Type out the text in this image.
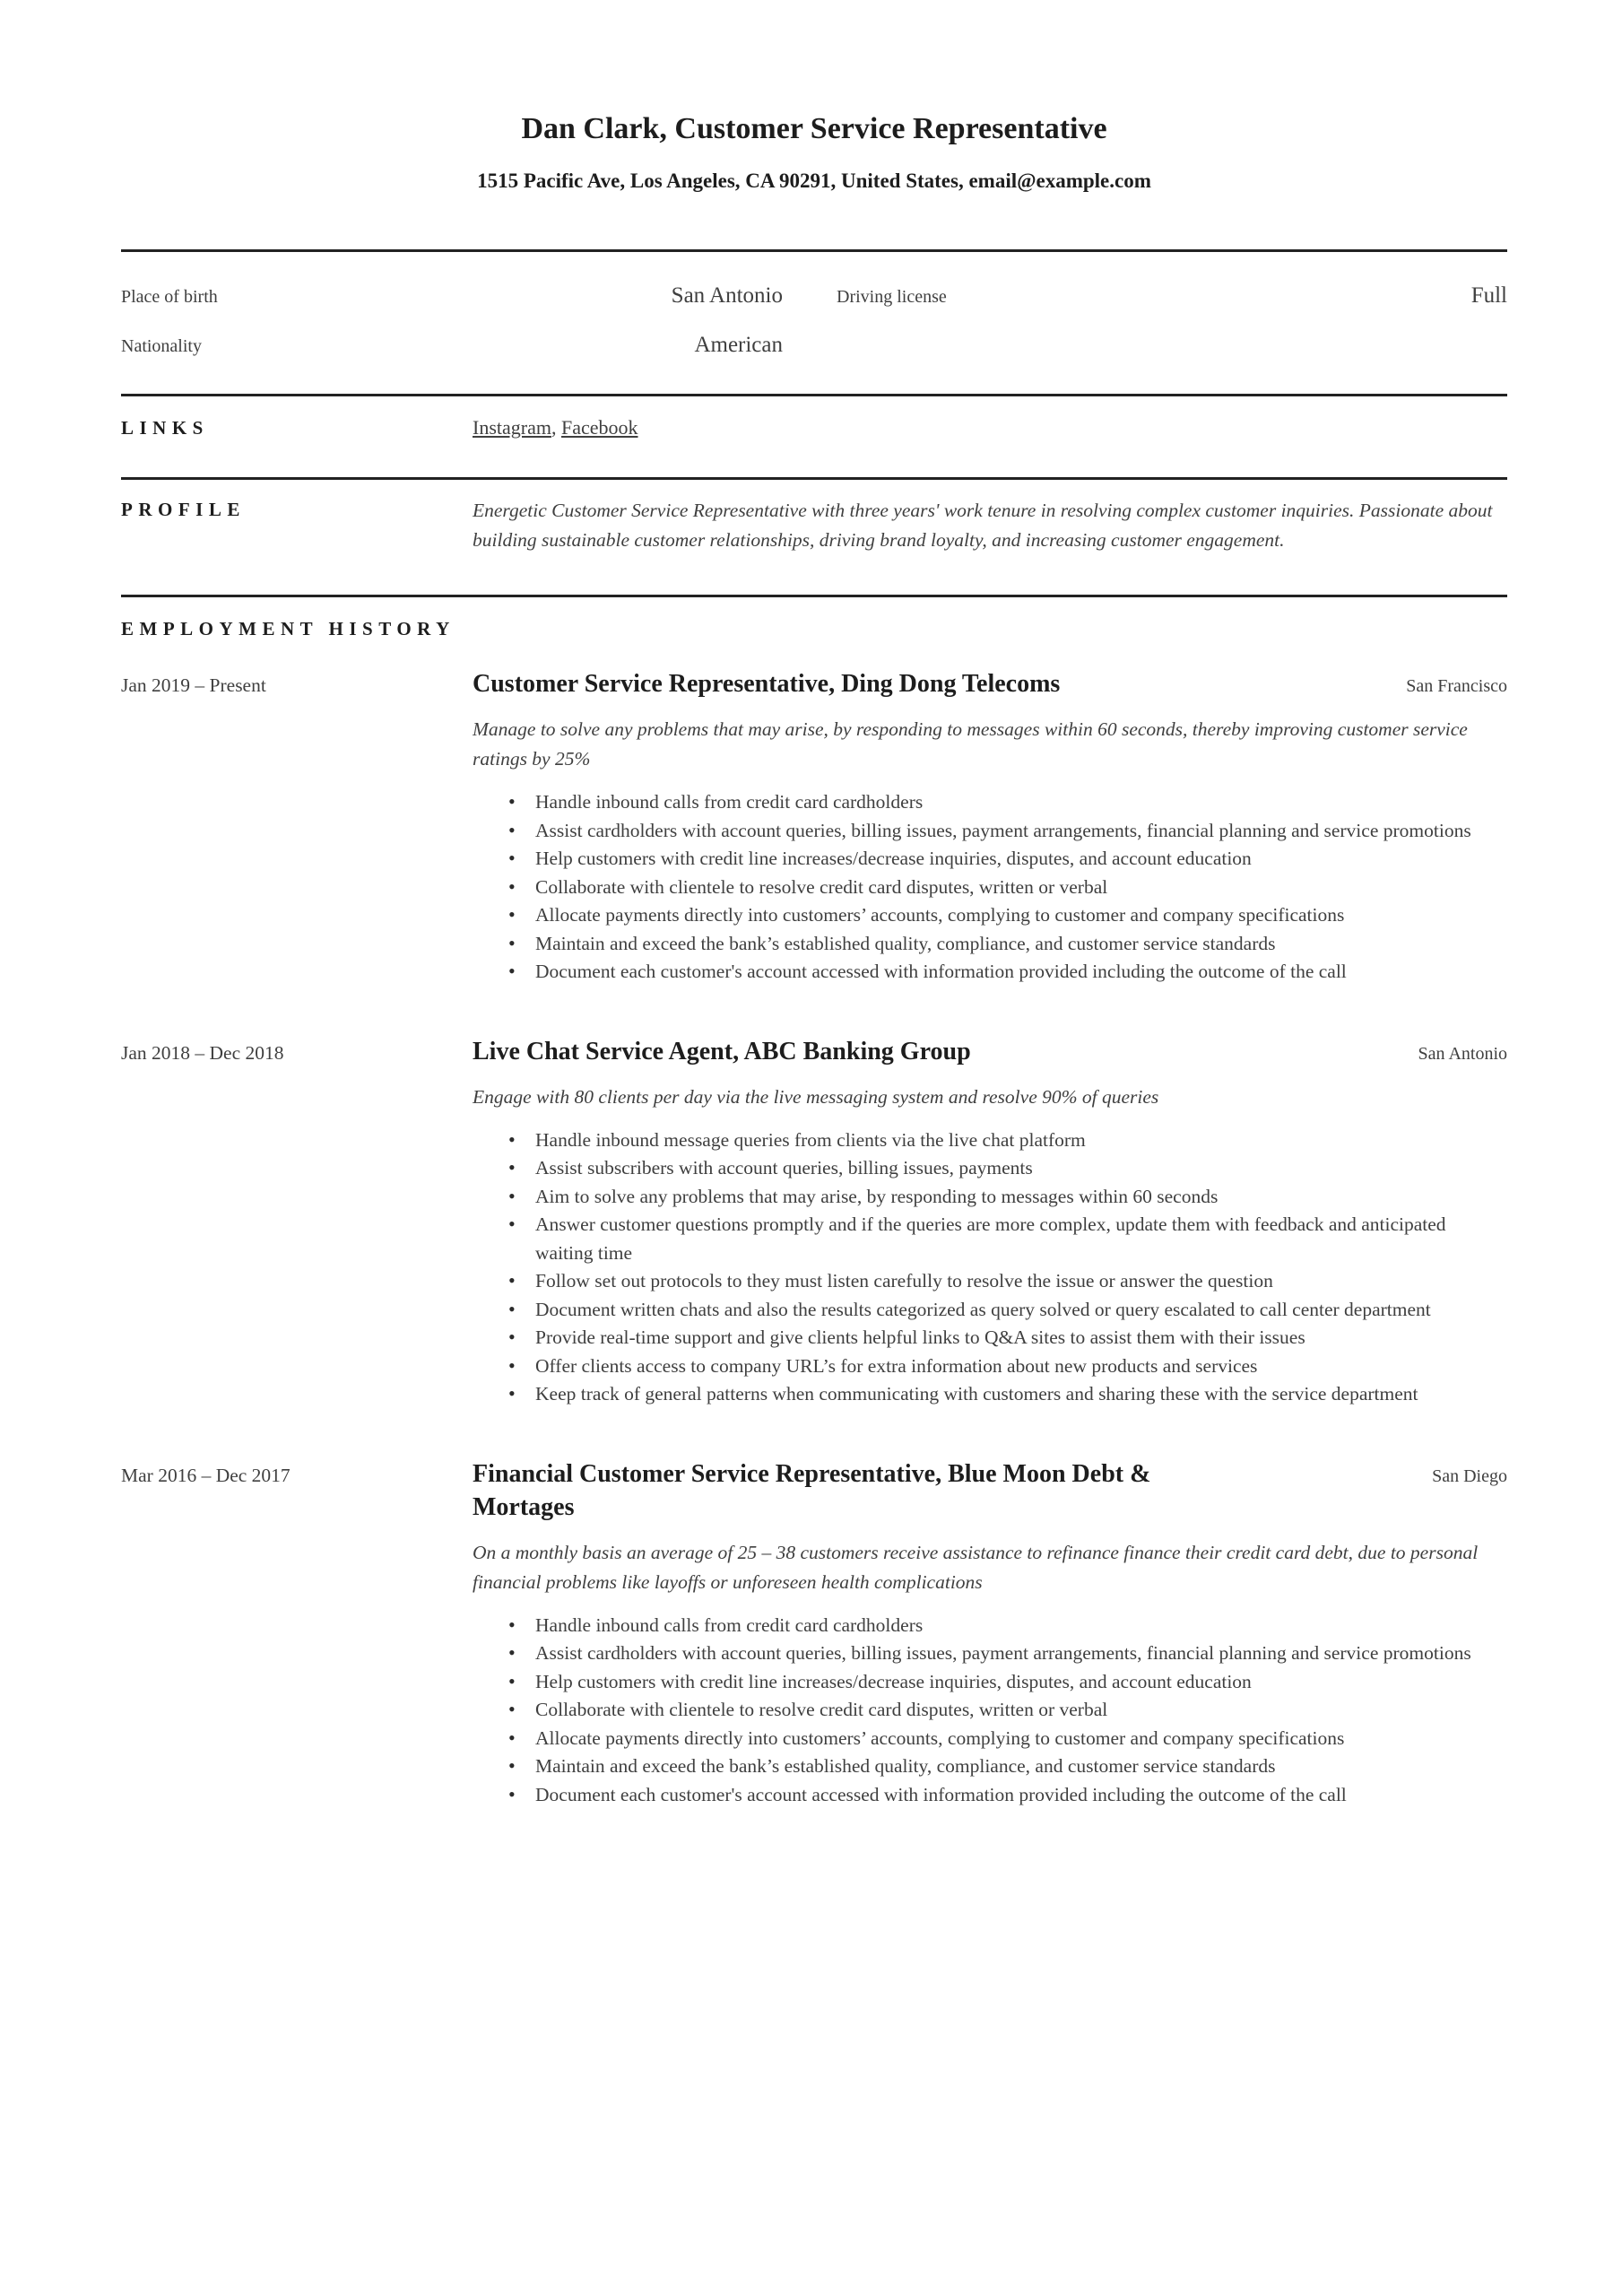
Dan Clark, Customer Service Representative
1515 Pacific Ave, Los Angeles, CA 90291, United States, email@example.com
Place of birth	San Antonio	Driving license	Full
Nationality	American
LINKS	Instagram, Facebook
PROFILE	Energetic Customer Service Representative with three years' work tenure in resolving complex customer inquiries. Passionate about building sustainable customer relationships, driving brand loyalty, and increasing customer engagement.
EMPLOYMENT HISTORY
Jan 2019 – Present	Customer Service Representative, Ding Dong Telecoms	San Francisco

Manage to solve any problems that may arise, by responding to messages within 60 seconds, thereby improving customer service ratings by 25%

• Handle inbound calls from credit card cardholders
• Assist cardholders with account queries, billing issues, payment arrangements, financial planning and service promotions
• Help customers with credit line increases/decrease inquiries, disputes, and account education
• Collaborate with clientele to resolve credit card disputes, written or verbal
• Allocate payments directly into customers’ accounts, complying to customer and company specifications
• Maintain and exceed the bank’s established quality, compliance, and customer service standards
• Document each customer's account accessed with information provided including the outcome of the call
Jan 2018 – Dec 2018	Live Chat Service Agent, ABC Banking Group	San Antonio

Engage with 80 clients per day via the live messaging system and resolve 90% of queries

• Handle inbound message queries from clients via the live chat platform
• Assist subscribers with account queries, billing issues, payments
• Aim to solve any problems that may arise, by responding to messages within 60 seconds
• Answer customer questions promptly and if the queries are more complex, update them with feedback and anticipated waiting time
• Follow set out protocols to they must listen carefully to resolve the issue or answer the question
• Document written chats and also the results categorized as query solved or query escalated to call center department
• Provide real-time support and give clients helpful links to Q&A sites to assist them with their issues
• Offer clients access to company URL’s for extra information about new products and services
• Keep track of general patterns when communicating with customers and sharing these with the service department
Mar 2016 – Dec 2017	Financial Customer Service Representative, Blue Moon Debt & Mortages
San Diego

On a monthly basis an average of 25 – 38 customers receive assistance to refinance finance their credit card debt, due to personal financial problems like layoffs or unforeseen health complications

• Handle inbound calls from credit card cardholders
• Assist cardholders with account queries, billing issues, payment arrangements, financial planning and service promotions
• Help customers with credit line increases/decrease inquiries, disputes, and account education
• Collaborate with clientele to resolve credit card disputes, written or verbal
• Allocate payments directly into customers’ accounts, complying to customer and company specifications
• Maintain and exceed the bank’s established quality, compliance, and customer service standards
• Document each customer's account accessed with information provided including the outcome of the call
